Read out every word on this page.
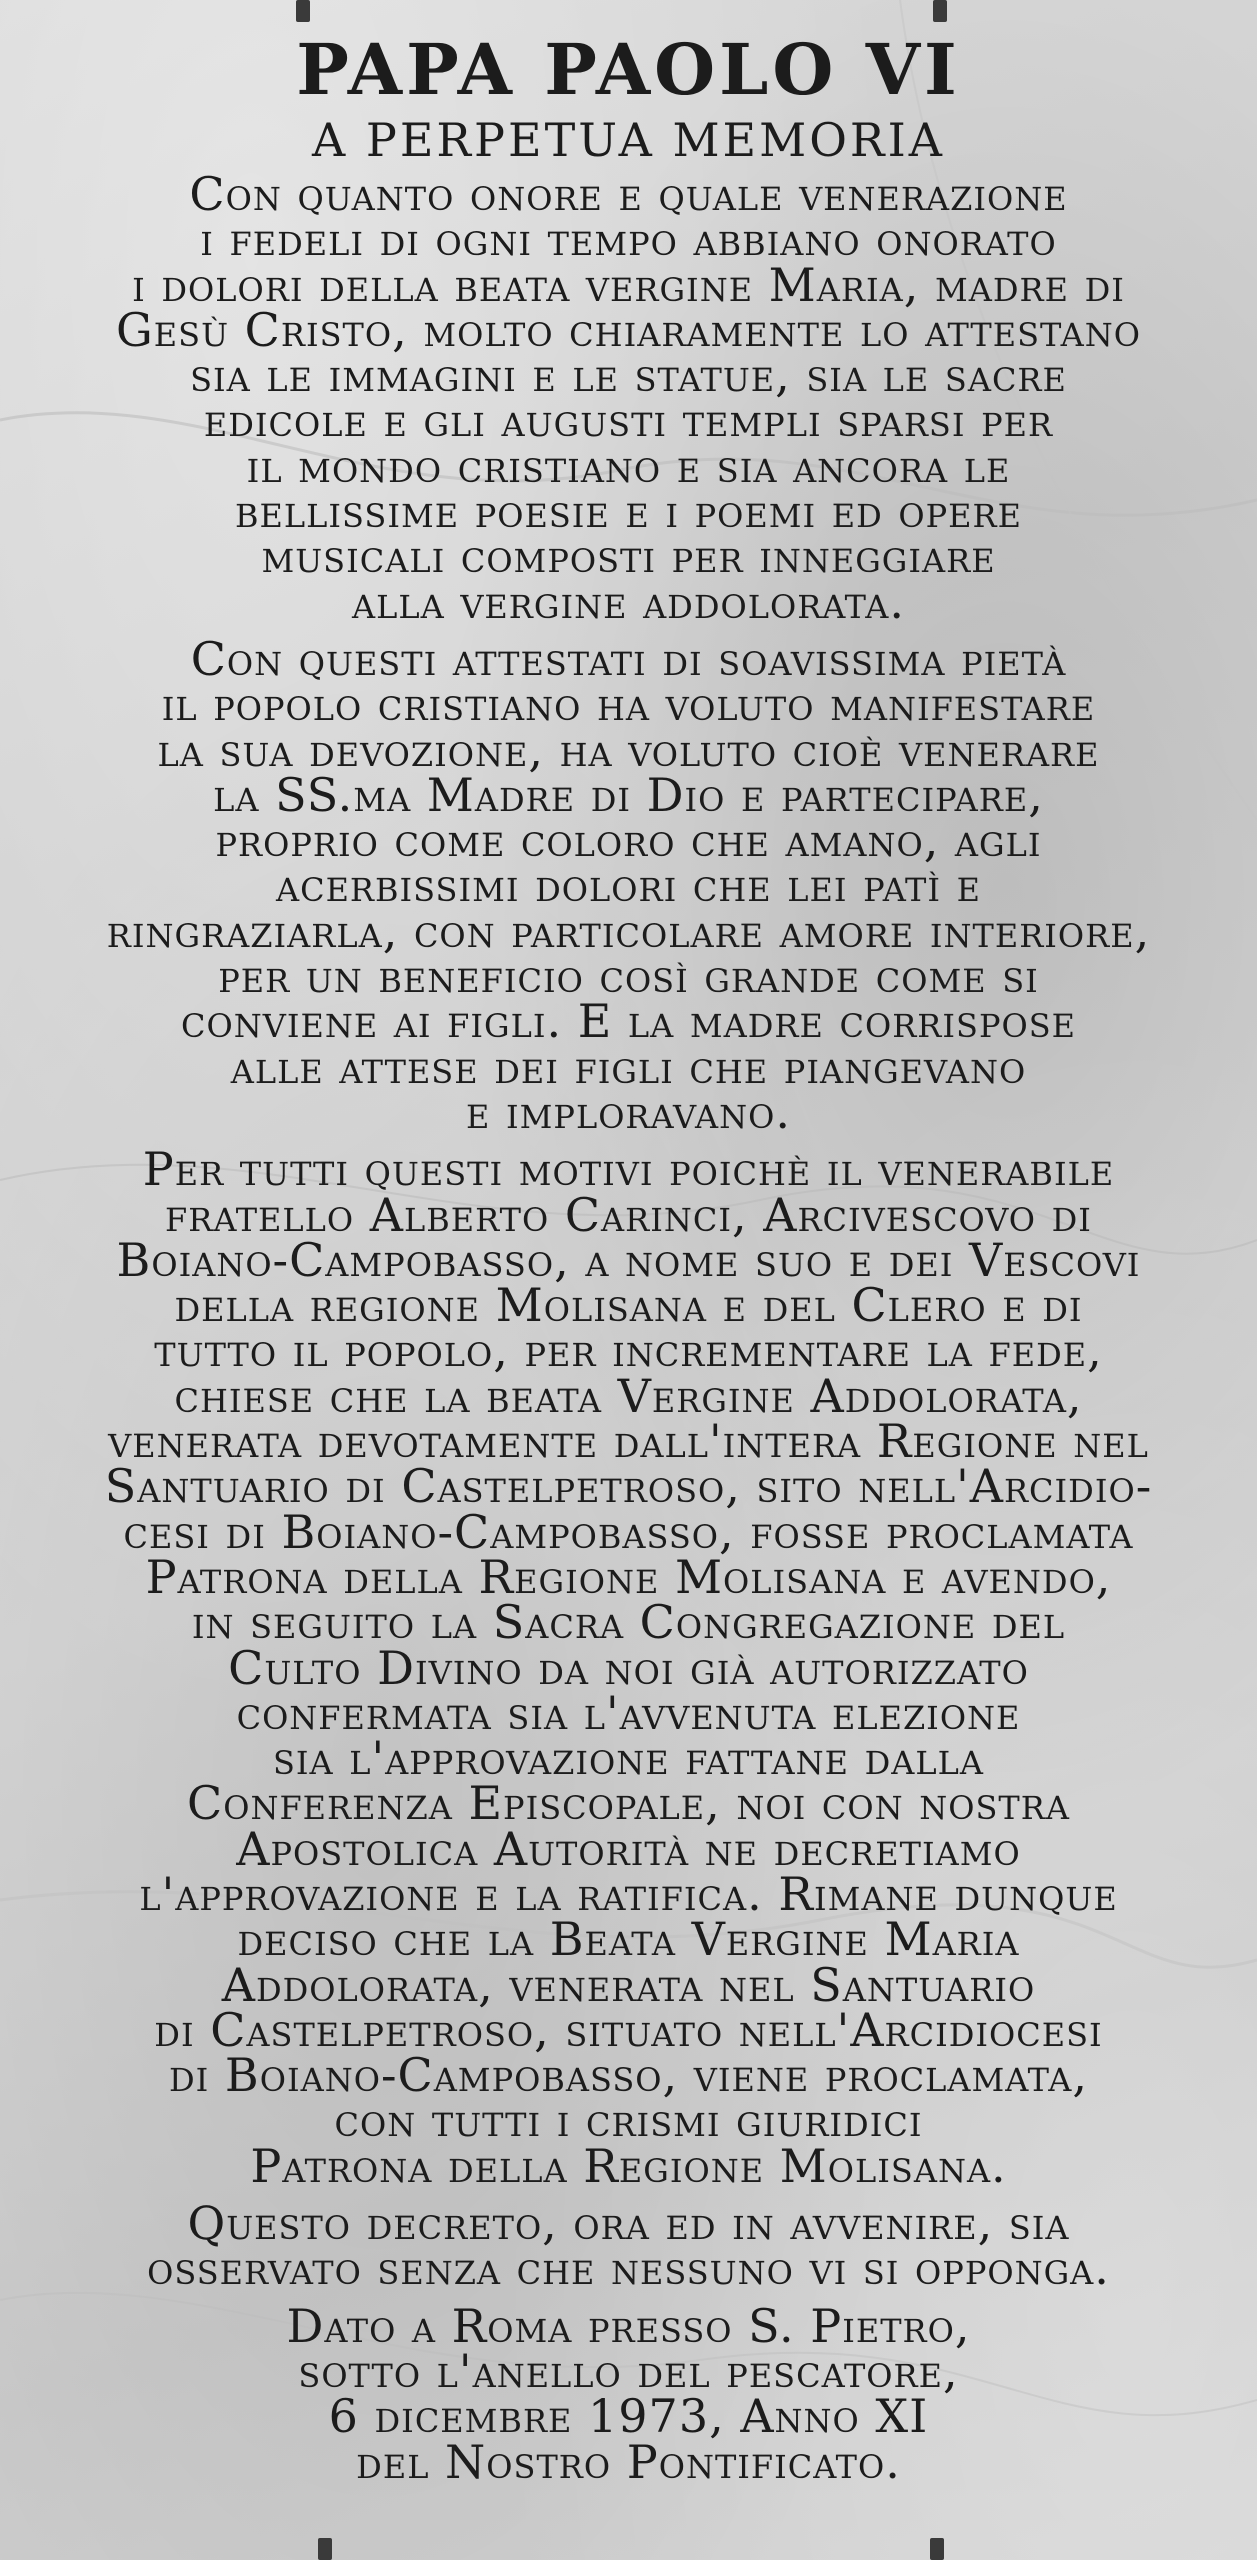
PAPA PAOLO VI
A PERPETUA MEMORIA
Con quanto onore e quale venerazione
i fedeli di ogni tempo abbiano onorato
i dolori della beata vergine Maria, madre di
Gesù Cristo, molto chiaramente lo attestano
sia le immagini e le statue, sia le sacre
edicole e gli augusti templi sparsi per
il mondo cristiano e sia ancora le
bellissime poesie e i poemi ed opere
musicali composti per inneggiare
alla vergine addolorata.
Con questi attestati di soavissima pietà
il popolo cristiano ha voluto manifestare
la sua devozione, ha voluto cioè venerare
la SS.ma Madre di Dio e partecipare,
proprio come coloro che amano, agli
acerbissimi dolori che lei patì e
ringraziarla, con particolare amore interiore,
per un beneficio così grande come si
conviene ai figli. E la madre corrispose
alle attese dei figli che piangevano
e imploravano.
Per tutti questi motivi poichè il venerabile
fratello Alberto Carinci, Arcivescovo di
Boiano-Campobasso, a nome suo e dei Vescovi
della regione Molisana e del Clero e di
tutto il popolo, per incrementare la fede,
chiese che la beata Vergine Addolorata,
venerata devotamente dall'intera Regione nel
Santuario di Castelpetroso, sito nell'Arcidio-
cesi di Boiano-Campobasso, fosse proclamata
Patrona della Regione Molisana e avendo,
in seguito la Sacra Congregazione del
Culto Divino da noi già autorizzato
confermata sia l'avvenuta elezione
sia l'approvazione fattane dalla
Conferenza Episcopale, noi con nostra
Apostolica Autorità ne decretiamo
l'approvazione e la ratifica. Rimane dunque
deciso che la Beata Vergine Maria
Addolorata, venerata nel Santuario
di Castelpetroso, situato nell'Arcidiocesi
di Boiano-Campobasso, viene proclamata,
con tutti i crismi giuridici
Patrona della Regione Molisana.
Questo decreto, ora ed in avvenire, sia
osservato senza che nessuno vi si opponga.
Dato a Roma presso S. Pietro,
sotto l'anello del pescatore,
6 dicembre 1973, Anno XI
del Nostro Pontificato.
